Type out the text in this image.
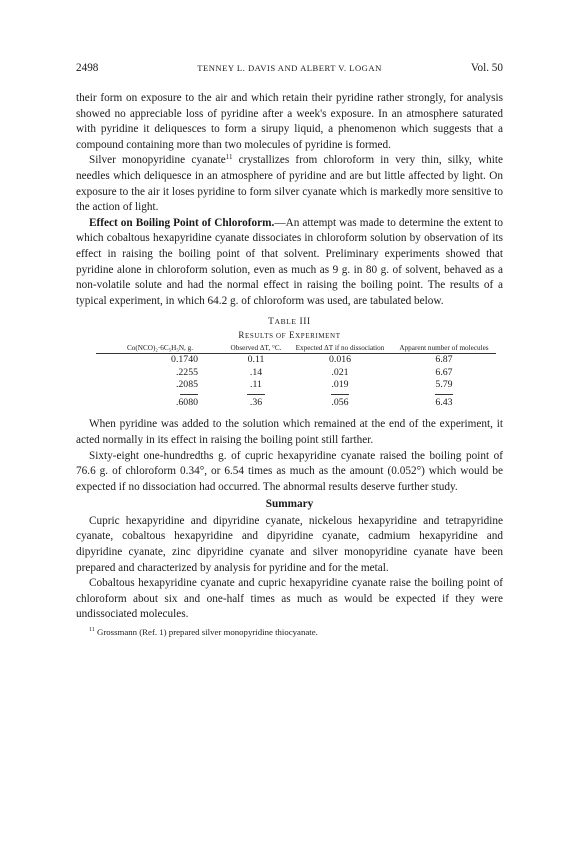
2498	TENNEY L. DAVIS AND ALBERT V. LOGAN	Vol. 50

their form on exposure to the air and which retain their pyridine rather strongly, for analysis showed no appreciable loss of pyridine after a week's exposure. In an atmosphere saturated with pyridine it deliquesces to form a sirupy liquid, a phenomenon which suggests that a compound containing more than two molecules of pyridine is formed.

Silver monopyridine cyanate$^{11}$ crystallizes from chloroform in very thin, silky, white needles which deliquesce in an atmosphere of pyridine and are but little affected by light. On exposure to the air it loses pyridine to form silver cyanate which is markedly more sensitive to the action of light.

Effect on Boiling Point of Chloroform.—An attempt was made to determine the extent to which cobaltous hexapyridine cyanate dissociates in chloroform solution by observation of its effect in raising the boiling point of that solvent. Preliminary experiments showed that pyridine alone in chloroform solution, even as much as 9 g. in 80 g. of solvent, behaved as a non-volatile solute and had the normal effect in raising the boiling point. The results of a typical experiment, in which 64.2 g. of chloroform was used, are tabulated below.

TABLE III
RESULTS OF EXPERIMENT
Co(NCO)₂·6C₅H₅N, g.	Observed ΔT, °C.	Expected ΔT if no dissociation	Apparent number of molecules
0.1740	0.11	0.016	6.87
.2255	.14	.021	6.67
.2085	.11	.019	5.79

.6080	.36	.056	6.43

When pyridine was added to the solution which remained at the end of the experiment, it acted normally in its effect in raising the boiling point still farther.

Sixty-eight one-hundredths g. of cupric hexapyridine cyanate raised the boiling point of 76.6 g. of chloroform 0.34°, or 6.54 times as much as the amount (0.052°) which would be expected if no dissociation had occurred. The abnormal results deserve further study.

Summary

Cupric hexapyridine and dipyridine cyanate, nickelous hexapyridine and tetrapyridine cyanate, cobaltous hexapyridine and dipyridine cyanate, cadmium hexapyridine and dipyridine cyanate, zinc dipyridine cyanate and silver monopyridine cyanate have been prepared and characterized by analysis for pyridine and for the metal.

Cobaltous hexapyridine cyanate and cupric hexapyridine cyanate raise the boiling point of chloroform about six and one-half times as much as would be expected if they were undissociated molecules.

$^{11}$ Grossmann (Ref. 1) prepared silver monopyridine thiocyanate.
